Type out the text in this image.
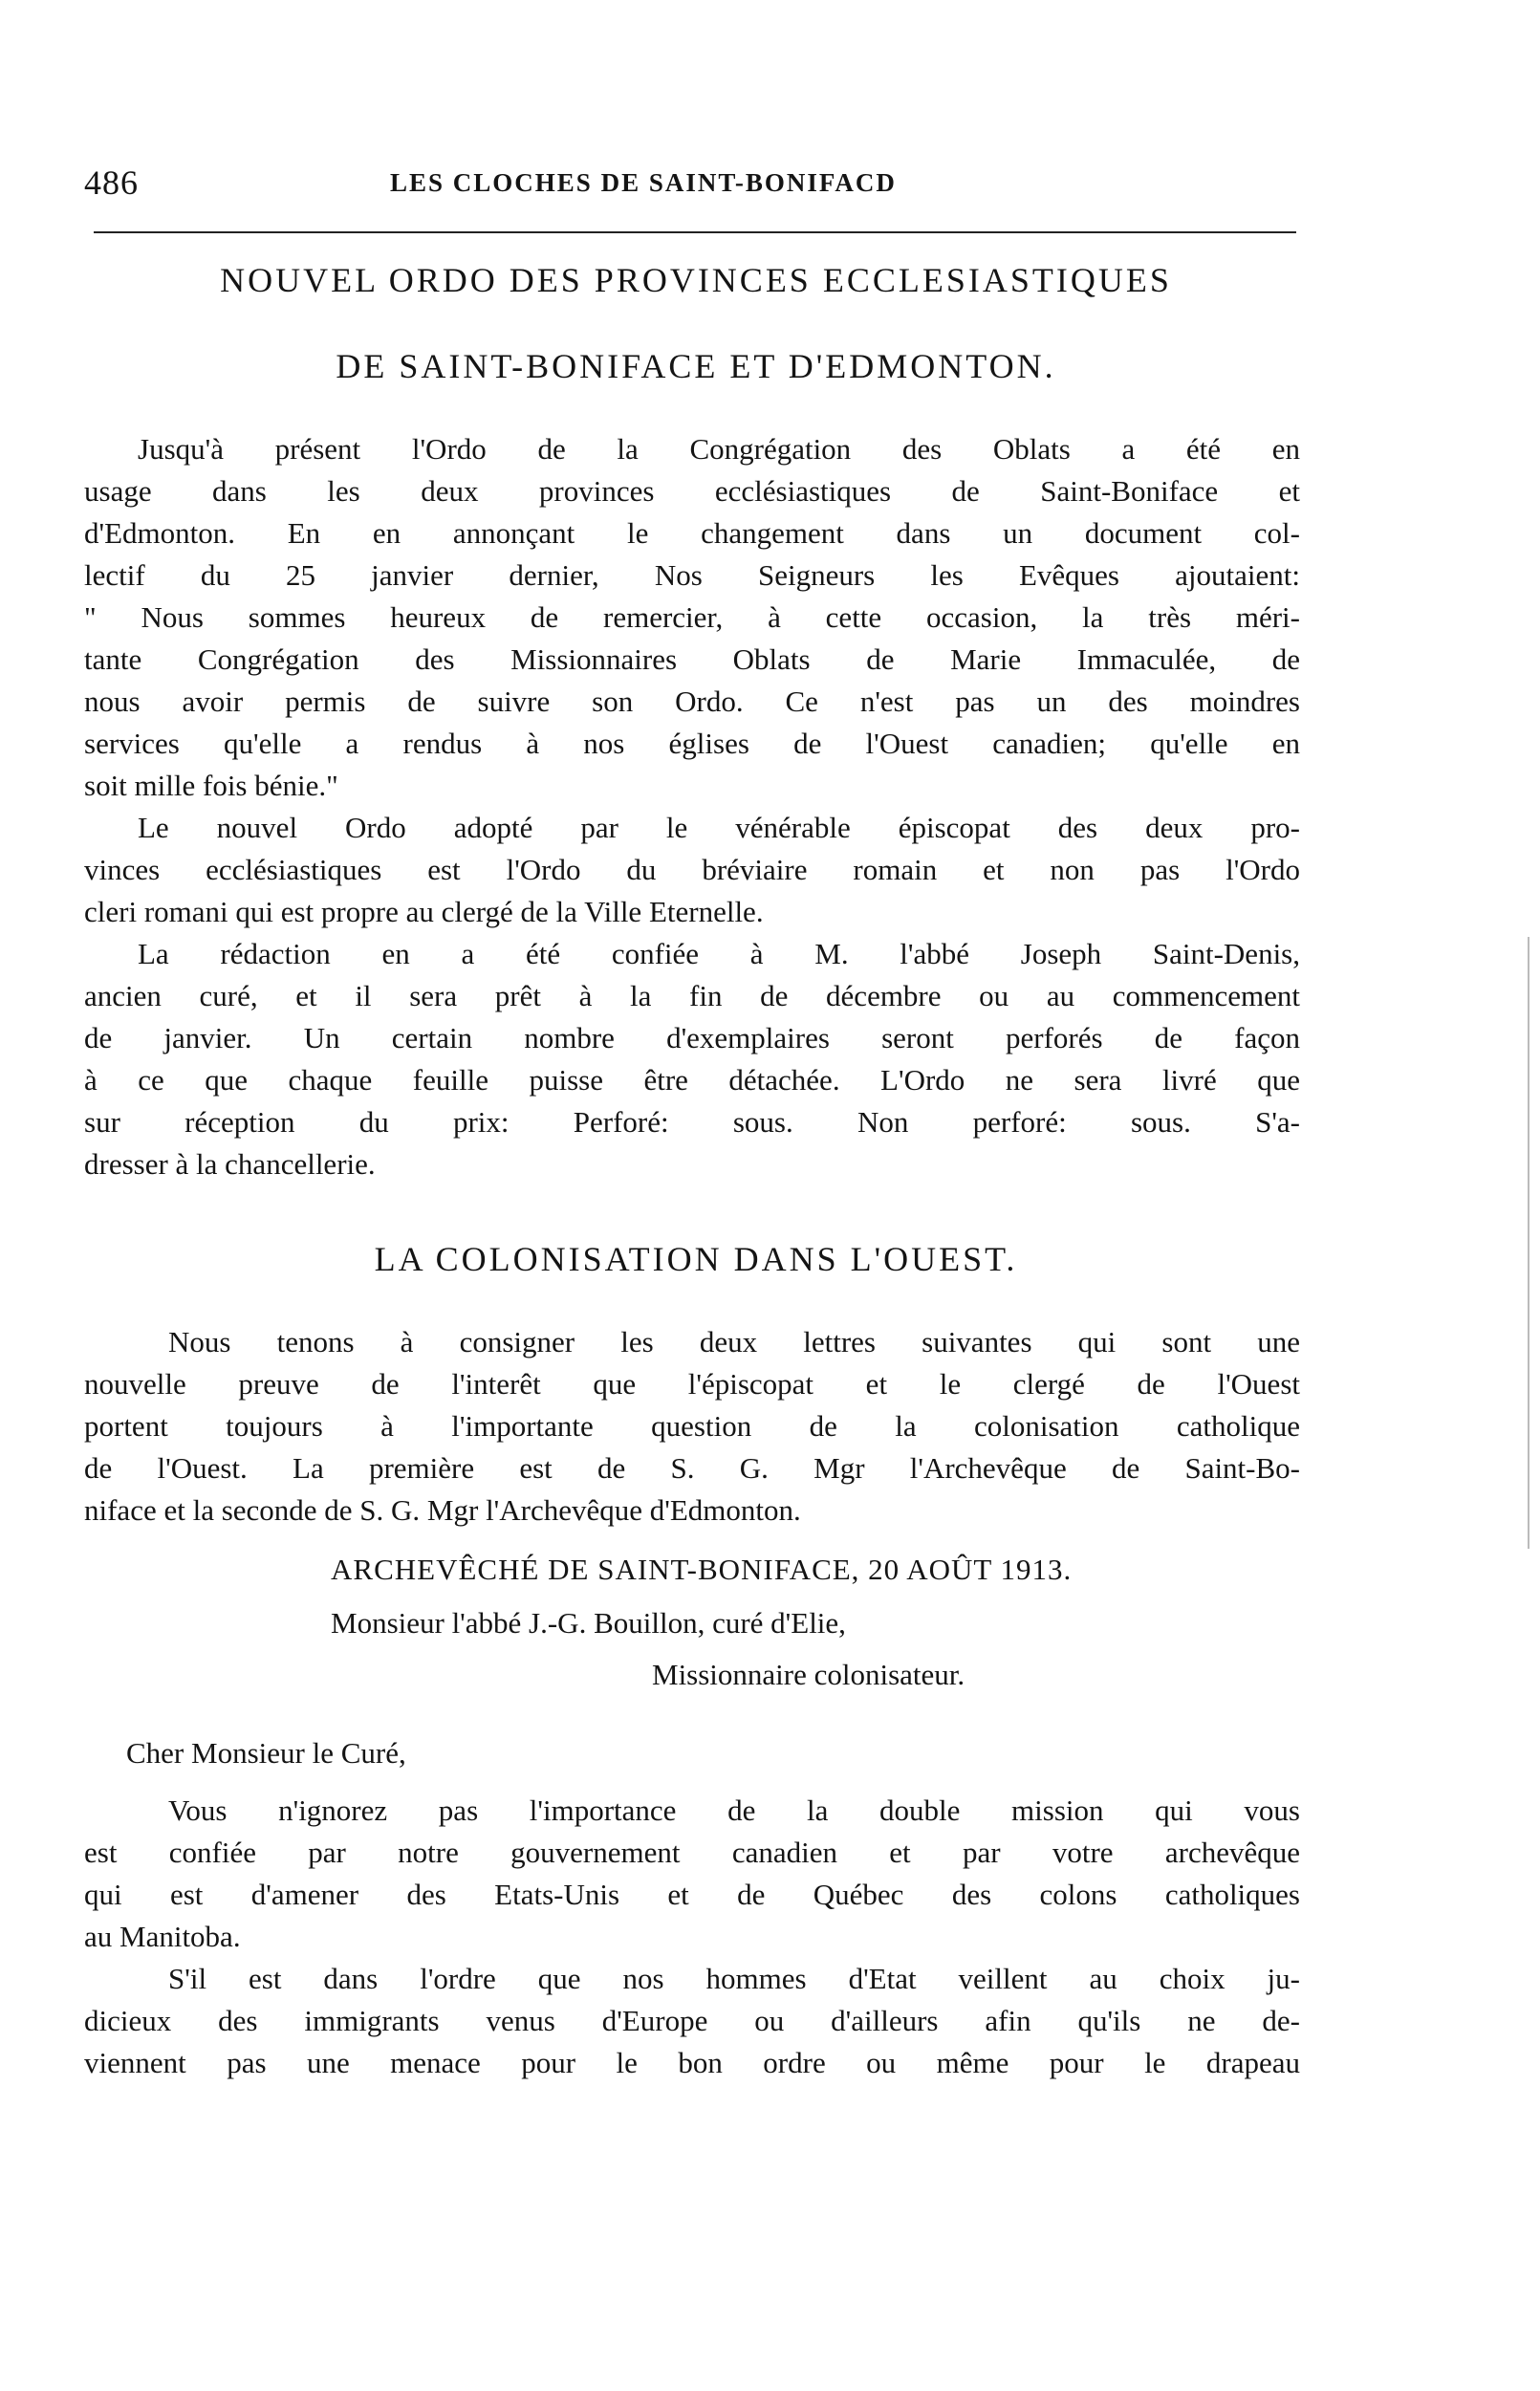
486	LES CLOCHES DE SAINT-BONIFACD
NOUVEL ORDO DES PROVINCES ECCLESIASTIQUES
DE SAINT-BONIFACE ET D'EDMONTON.
Jusqu'à présent l'Ordo de la Congrégation des Oblats a été en
usage dans les deux provinces ecclésiastiques de Saint-Boniface et
d'Edmonton. En en annonçant le changement dans un document col-
lectif du 25 janvier dernier, Nos Seigneurs les Evêques ajoutaient:
" Nous sommes heureux de remercier, à cette occasion, la très méri-
tante Congrégation des Missionnaires Oblats de Marie Immaculée, de
nous avoir permis de suivre son Ordo. Ce n'est pas un des moindres
services qu'elle a rendus à nos églises de l'Ouest canadien; qu'elle en
soit mille fois bénie."
Le nouvel Ordo adopté par le vénérable épiscopat des deux pro-
vinces ecclésiastiques est l'Ordo du bréviaire romain et non pas l'Ordo
cleri romani qui est propre au clergé de la Ville Eternelle.
La rédaction en a été confiée à M. l'abbé Joseph Saint-Denis,
ancien curé, et il sera prêt à la fin de décembre ou au commencement
de janvier. Un certain nombre d'exemplaires seront perforés de façon
à ce que chaque feuille puisse être détachée. L'Ordo ne sera livré que
sur réception du prix: Perforé: sous. Non perforé: sous. S'a-
dresser à la chancellerie.
LA COLONISATION DANS L'OUEST.
Nous tenons à consigner les deux lettres suivantes qui sont une
nouvelle preuve de l'interêt que l'épiscopat et le clergé de l'Ouest
portent toujours à l'importante question de la colonisation catholique
de l'Ouest. La première est de S. G. Mgr l'Archevêque de Saint-Bo-
niface et la seconde de S. G. Mgr l'Archevêque d'Edmonton.
ARCHEVÊCHÉ DE SAINT-BONIFACE, 20 AOÛT 1913.
Monsieur l'abbé J.-G. Bouillon, curé d'Elie,
Missionnaire colonisateur.
Cher Monsieur le Curé,
Vous n'ignorez pas l'importance de la double mission qui vous
est confiée par notre gouvernement canadien et par votre archevêque
qui est d'amener des Etats-Unis et de Québec des colons catholiques
au Manitoba.
S'il est dans l'ordre que nos hommes d'Etat veillent au choix ju-
dicieux des immigrants venus d'Europe ou d'ailleurs afin qu'ils ne de-
viennent pas une menace pour le bon ordre ou même pour le drapeau
